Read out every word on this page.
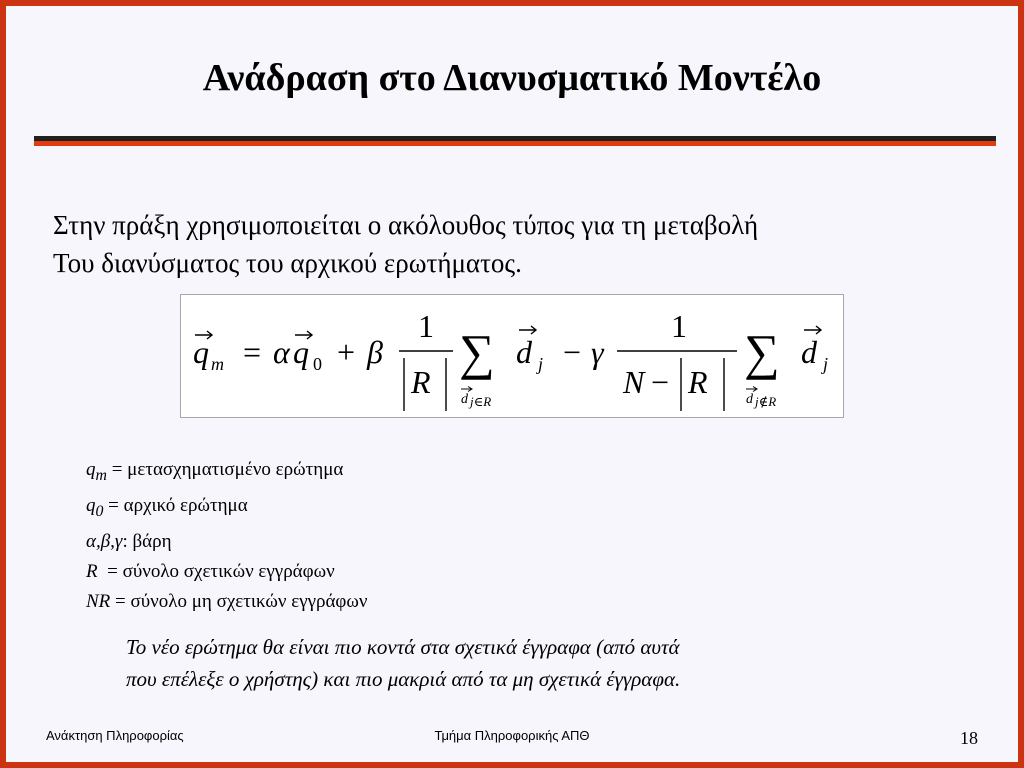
Ανάδραση στο Διανυσματικό Μοντέλο
Στην πράξη χρησιμοποιείται ο ακόλουθος τύπος για τη μεταβολή
Του διανύσματος του αρχικού ερωτήματος.
q m = α q 0 + β
1
R
∑
d j∈R
d j − γ
1
N − R
∑
d j∉R
d j
$q_m = \mu\varepsilon\tau\alpha\sigma\chi\eta\mu\alpha\tau\iota\sigma\mu έ\nu o$ ερώτημα
$q_0 = \alpha\rho\chi\iota\kappa ό$ ερώτημα
α,β,γ: βάρη
R  = σύνολο σχετικών εγγράφων
NR = σύνολο μη σχετικών εγγράφων
Το νέο ερώτημα θα είναι πιο κοντά στα σχετικά έγγραφα (από αυτά
που επέλεξε ο χρήστης) και πιο μακριά από τα μη σχετικά έγγραφα.
Ανάκτηση Πληροφορίας	Τμήμα Πληροφορικής ΑΠΘ	18
